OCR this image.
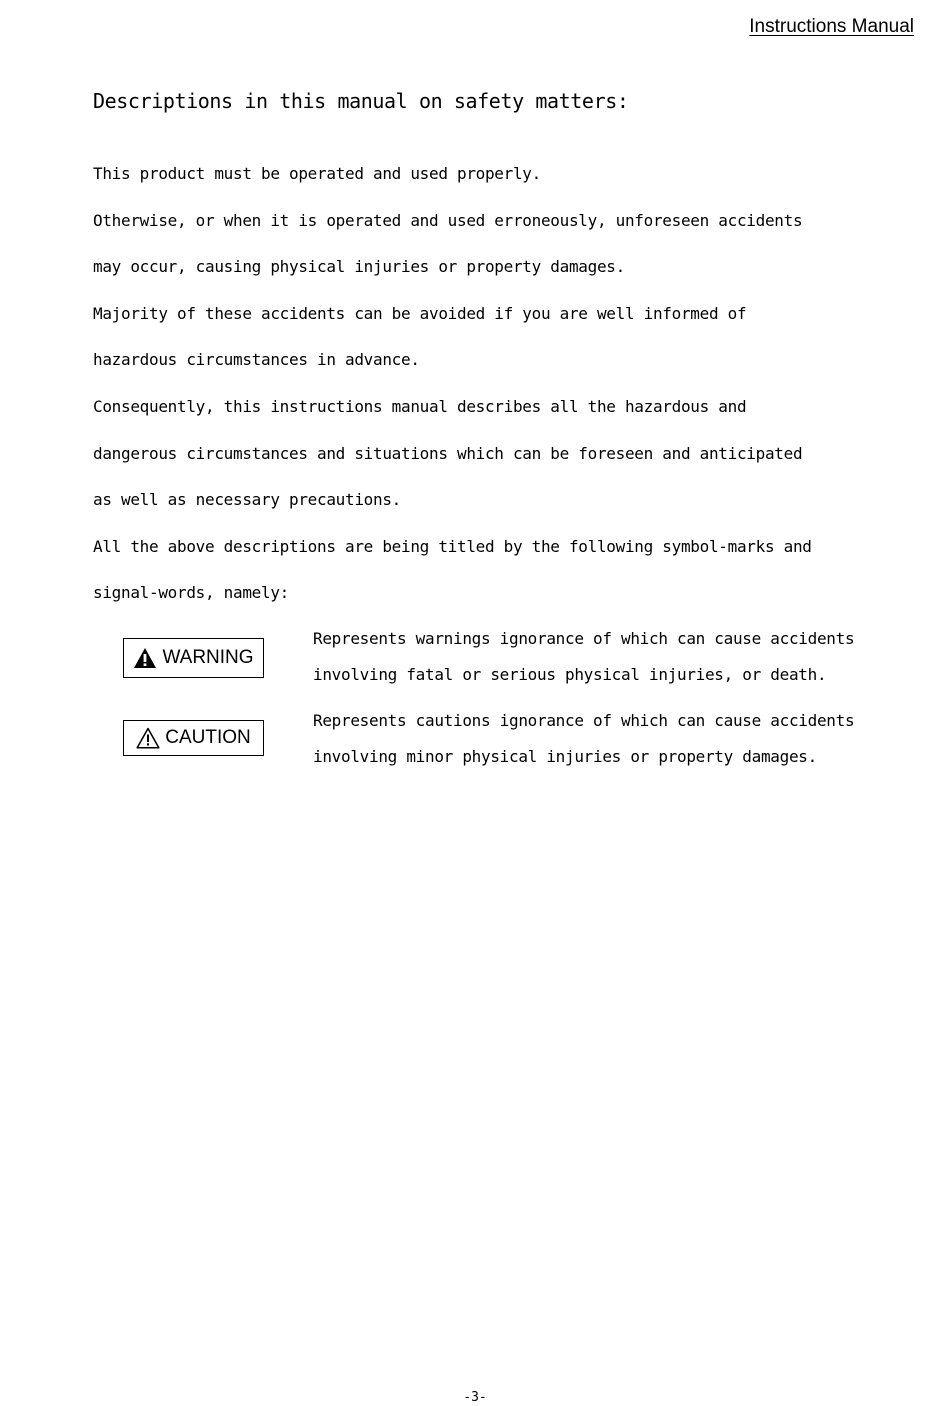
Instructions Manual
Descriptions in this manual on safety matters:
This product must be operated and used properly.
Otherwise, or when it is operated and used erroneously, unforeseen accidents
may occur, causing physical injuries or property damages.
Majority of these accidents can be avoided if you are well informed of
hazardous circumstances in advance.
Consequently, this instructions manual describes all the hazardous and
dangerous circumstances and situations which can be foreseen and anticipated
as well as necessary precautions.
All the above descriptions are being titled by the following symbol-marks and
signal-words, namely:
WARNING
Represents warnings ignorance of which can cause accidents
involving fatal or serious physical injuries, or death.
CAUTION
Represents cautions ignorance of which can cause accidents
involving minor physical injuries or property damages.
-3-
